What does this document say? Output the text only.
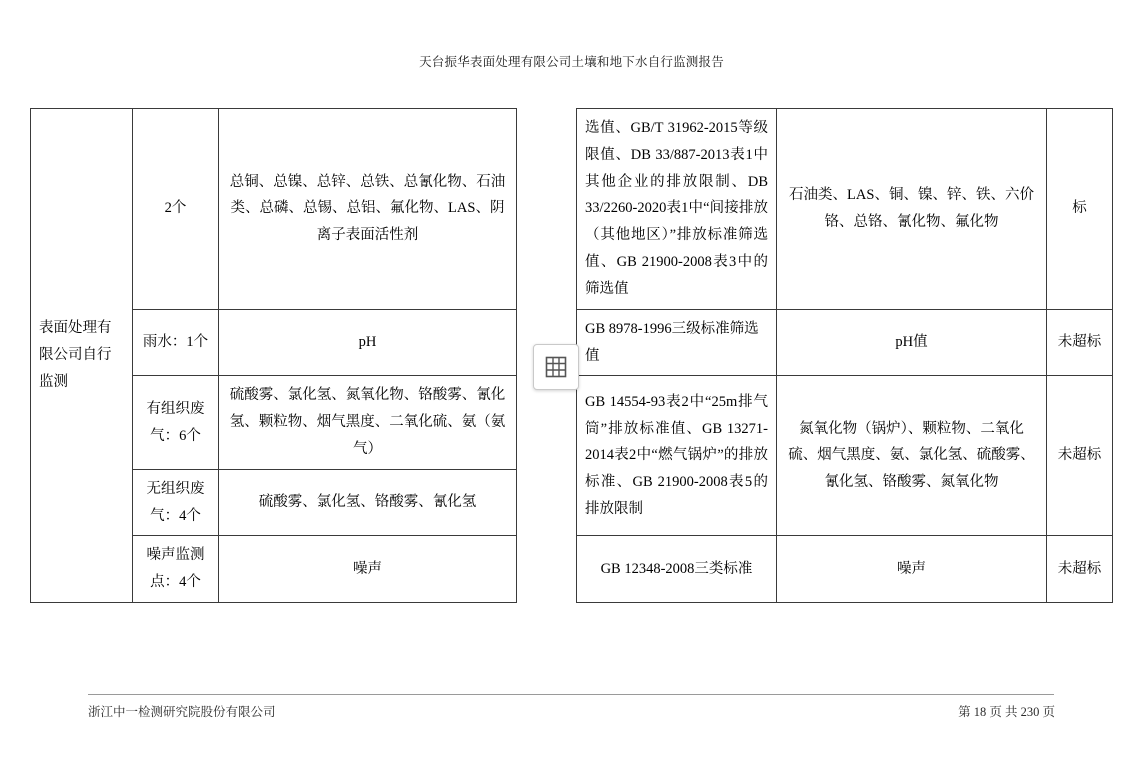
天台振华表面处理有限公司土壤和地下水自行监测报告
表面处理有限公司自行监测	2个	总铜、总镍、总锌、总铁、总氰化物、石油类、总磷、总锡、总铝、氟化物、LAS、阴离子表面活性剂		选值、GB/T 31962-2015等级限值、DB 33/887-2013表1中其他企业的排放限制、DB 33/2260-2020表1中“间接排放（其他地区）”排放标准筛选值、GB 21900-2008表3中的筛选值	石油类、LAS、铜、镍、锌、铁、六价铬、总铬、氰化物、氟化物	标
	雨水：1个	pH		GB 8978-1996三级标准筛选值	pH值	未超标
	有组织废气：6个	硫酸雾、氯化氢、氮氧化物、铬酸雾、氰化氢、颗粒物、烟气黑度、二氧化硫、氨（氨气）		GB 14554-93表2中“25m排气筒”排放标准值、GB 13271-2014表2中“燃气锅炉”的排放标准、GB 21900-2008表5的排放限制	氮氧化物（锅炉）、颗粒物、二氧化硫、烟气黑度、氨、氯化氢、硫酸雾、氰化氢、铬酸雾、氮氧化物	未超标
	无组织废气：4个	硫酸雾、氯化氢、铬酸雾、氰化氢				
	噪声监测点：4个	噪声		GB 12348-2008三类标准	噪声	未超标
浙江中一检测研究院股份有限公司	第 18 页 共 230 页
